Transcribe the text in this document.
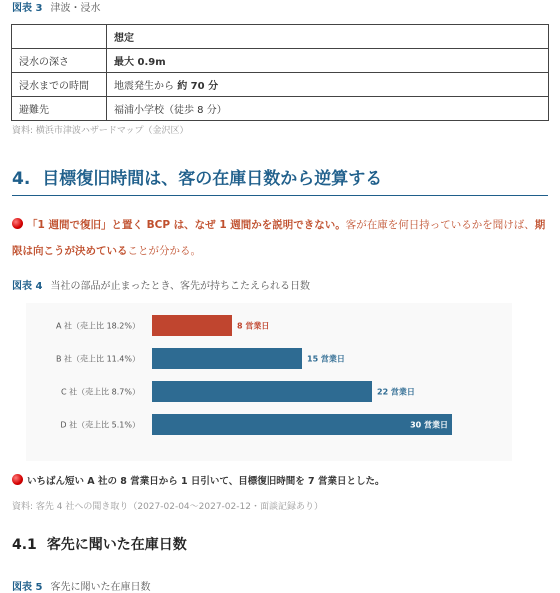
図表 3 津波・浸水
	想定
浸水の深さ	最大 0.9m
浸水までの時間	地震発生から 約 70 分
避難先	福浦小学校（徒歩 8 分）
資料: 横浜市津波ハザードマップ（金沢区）
4. 目標復旧時間は、客の在庫日数から逆算する
「1 週間で復旧」と置く BCP は、なぜ 1 週間かを説明できない。客が在庫を何日持っているかを聞けば、期限は向こうが決めていることが分かる。
図表 4 当社の部品が止まったとき、客先が持ちこたえられる日数
A 社（売上比 18.2%）	8 営業日
B 社（売上比 11.4%）	15 営業日
C 社（売上比 8.7%）	22 営業日
D 社（売上比 5.1%）	30 営業日
いちばん短い A 社の 8 営業日から 1 日引いて、目標復旧時間を 7 営業日とした。
資料: 客先 4 社への聞き取り（2027-02-04〜2027-02-12・面談記録あり）
4.1 客先に聞いた在庫日数
図表 5 客先に聞いた在庫日数
